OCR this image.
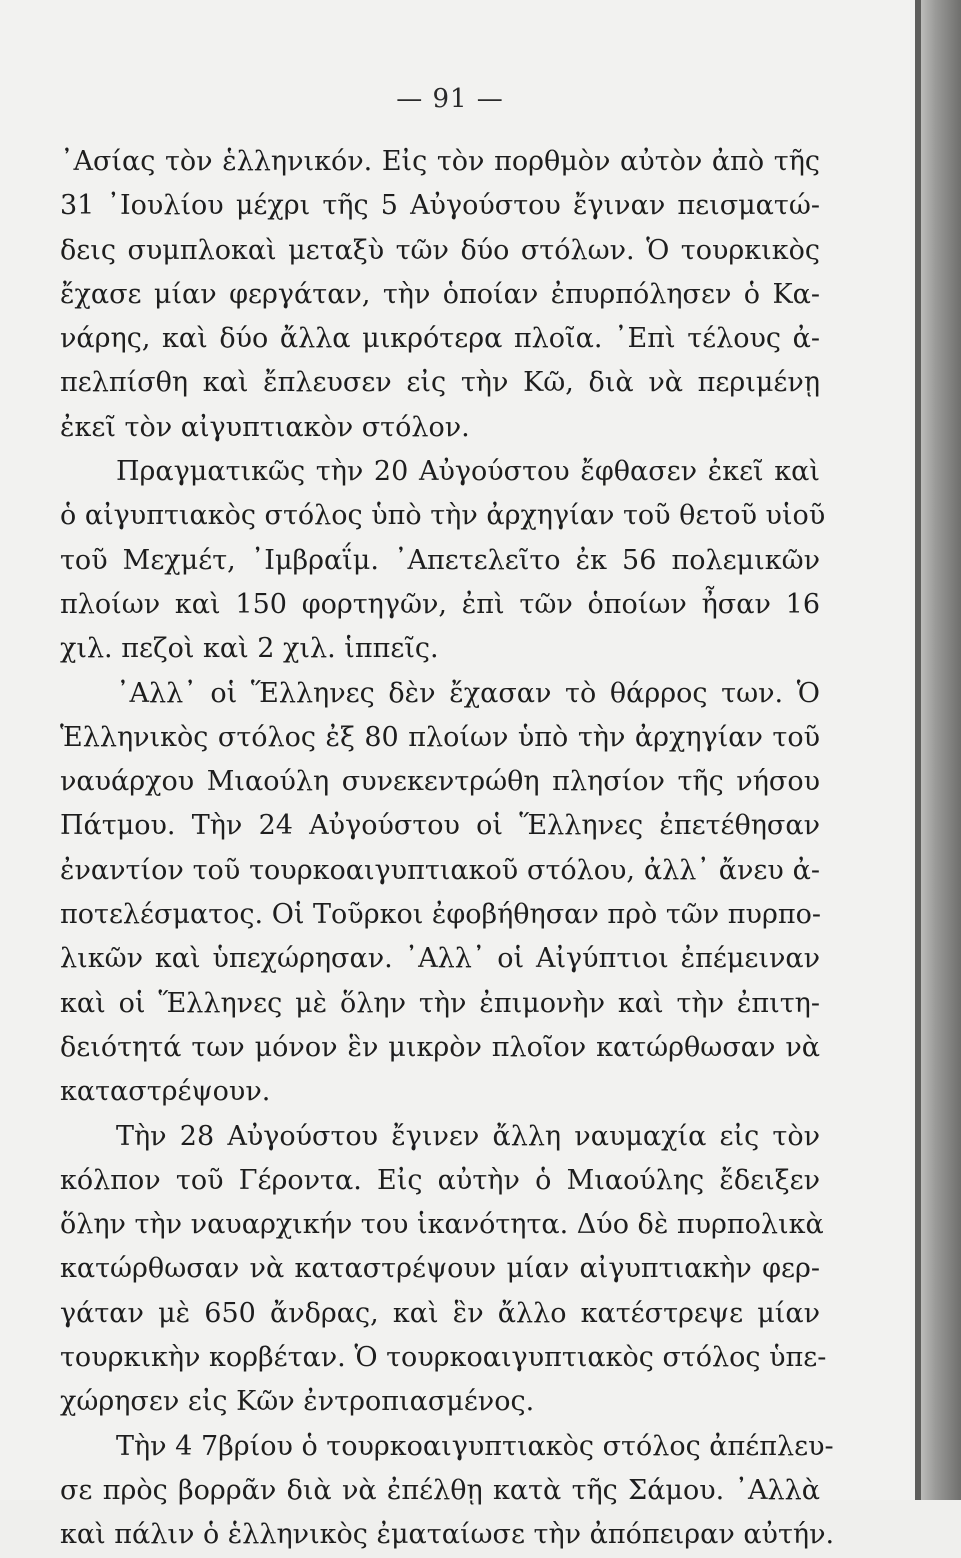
— 91 —
᾿Ασίας τὸν ἑλληνικόν. Εἰς τὸν πορθμὸν αὐτὸν ἀπὸ τῆς
31 ᾿Ιουλίου μέχρι τῆς 5 Αὐγούστου ἔγιναν πεισματώ-
δεις συμπλοκαὶ μεταξὺ τῶν δύο στόλων. Ὁ τουρκικὸς
ἔχασε μίαν φεργάταν, τὴν ὁποίαν ἐπυρπόλησεν ὁ Κα-
νάρης, καὶ δύο ἄλλα μικρότερα πλοῖα. ᾿Επὶ τέλους ἀ-
πελπίσθη καὶ ἔπλευσεν εἰς τὴν Κῶ, διὰ νὰ περιμένῃ
ἐκεῖ τὸν αἰγυπτιακὸν στόλον.
Πραγματικῶς τὴν 20 Αὐγούστου ἔφθασεν ἐκεῖ καὶ
ὁ αἰγυπτιακὸς στόλος ὑπὸ τὴν ἀρχηγίαν τοῦ θετοῦ υἱοῦ
τοῦ Μεχμέτ, ᾿Ιμβραΐμ. ᾿Απετελεῖτο ἐκ 56 πολεμικῶν
πλοίων καὶ 150 φορτηγῶν, ἐπὶ τῶν ὁποίων ἦσαν 16
χιλ. πεζοὶ καὶ 2 χιλ. ἱππεῖς.
᾿Αλλ᾿ οἱ Ἕλληνες δὲν ἔχασαν τὸ θάρρος των. Ὁ
Ἑλληνικὸς στόλος ἐξ 80 πλοίων ὑπὸ τὴν ἀρχηγίαν τοῦ
ναυάρχου Μιαούλη συνεκεντρώθη πλησίον τῆς νήσου
Πάτμου. Τὴν 24 Αὐγούστου οἱ Ἕλληνες ἐπετέθησαν
ἐναντίον τοῦ τουρκοαιγυπτιακοῦ στόλου, ἀλλ᾿ ἄνευ ἀ-
ποτελέσματος. Οἱ Τοῦρκοι ἐφοβήθησαν πρὸ τῶν πυρπο-
λικῶν καὶ ὑπεχώρησαν. ᾿Αλλ᾿ οἱ Αἰγύπτιοι ἐπέμειναν
καὶ οἱ Ἕλληνες μὲ ὅλην τὴν ἐπιμονὴν καὶ τὴν ἐπιτη-
δειότητά των μόνον ἓν μικρὸν πλοῖον κατώρθωσαν νὰ
καταστρέψουν.
Τὴν 28 Αὐγούστου ἔγινεν ἄλλη ναυμαχία εἰς τὸν
κόλπον τοῦ Γέροντα. Εἰς αὐτὴν ὁ Μιαούλης ἔδειξεν
ὅλην τὴν ναυαρχικήν του ἱκανότητα. Δύο δὲ πυρπολικὰ
κατώρθωσαν νὰ καταστρέψουν μίαν αἰγυπτιακὴν φερ-
γάταν μὲ 650 ἄνδρας, καὶ ἓν ἄλλο κατέστρεψε μίαν
τουρκικὴν κορβέταν. Ὁ τουρκοαιγυπτιακὸς στόλος ὑπε-
χώρησεν εἰς Κῶν ἐντροπιασμένος.
Τὴν 4 7βρίου ὁ τουρκοαιγυπτιακὸς στόλος ἀπέπλευ-
σε πρὸς βορρᾶν διὰ νὰ ἐπέλθῃ κατὰ τῆς Σάμου. ᾿Αλλὰ
καὶ πάλιν ὁ ἑλληνικὸς ἐματαίωσε τὴν ἀπόπειραν αὐτήν.
